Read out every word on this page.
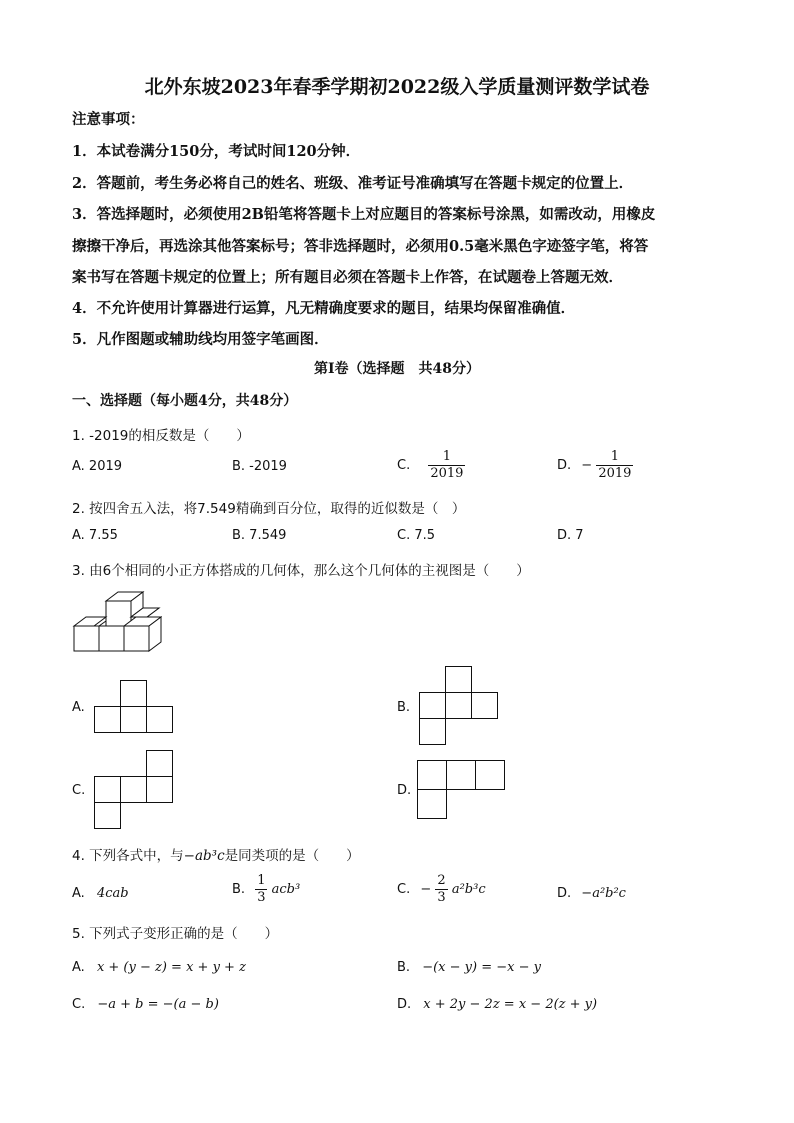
北外东坡2023年春季学期初2022级入学质量测评数学试卷
注意事项：
1．本试卷满分150分，考试时间120分钟．
2．答题前，考生务必将自己的姓名、班级、准考证号准确填写在答题卡规定的位置上．
3．答选择题时，必须使用2B铅笔将答题卡上对应题目的答案标号涂黑，如需改动，用橡皮
擦擦干净后，再选涂其他答案标号；答非选择题时，必须用0.5毫米黑色字迹签字笔，将答
案书写在答题卡规定的位置上；所有题目必须在答题卡上作答，在试题卷上答题无效．
4．不允许使用计算器进行运算，凡无精确度要求的题目，结果均保留准确值．
5．凡作图题或辅助线均用签字笔画图．
第Ⅰ卷（选择题　共48分）
一、选择题（每小题4分，共48分）
1. -2019的相反数是（　　）
A. 2019	B. -2019	C. $\frac{1}{2019}$	D. − $\frac{1}{2019}$
2. 按四舍五入法，将7.549精确到百分位，取得的近似数是（　）
A. 7.55	B. 7.549	C. 7.5	D. 7
3. 由6个相同的小正方体搭成的几何体，那么这个几何体的主视图是（　　）
A.	B.
C.	D.
4. 下列各式中，与−ab³c是同类项的是（　　）
A. 4cab	B. $\frac{1}{3} acb^3$	C. − $\frac{2}{3} a^2b^3c$	D. −a²b²c
5. 下列式子变形正确的是（　　）
A. x + (y − z) = x + y + z	B. −(x − y) = −x − y
C. −a + b = −(a − b)	D. x + 2y − 2z = x − 2(z + y)
